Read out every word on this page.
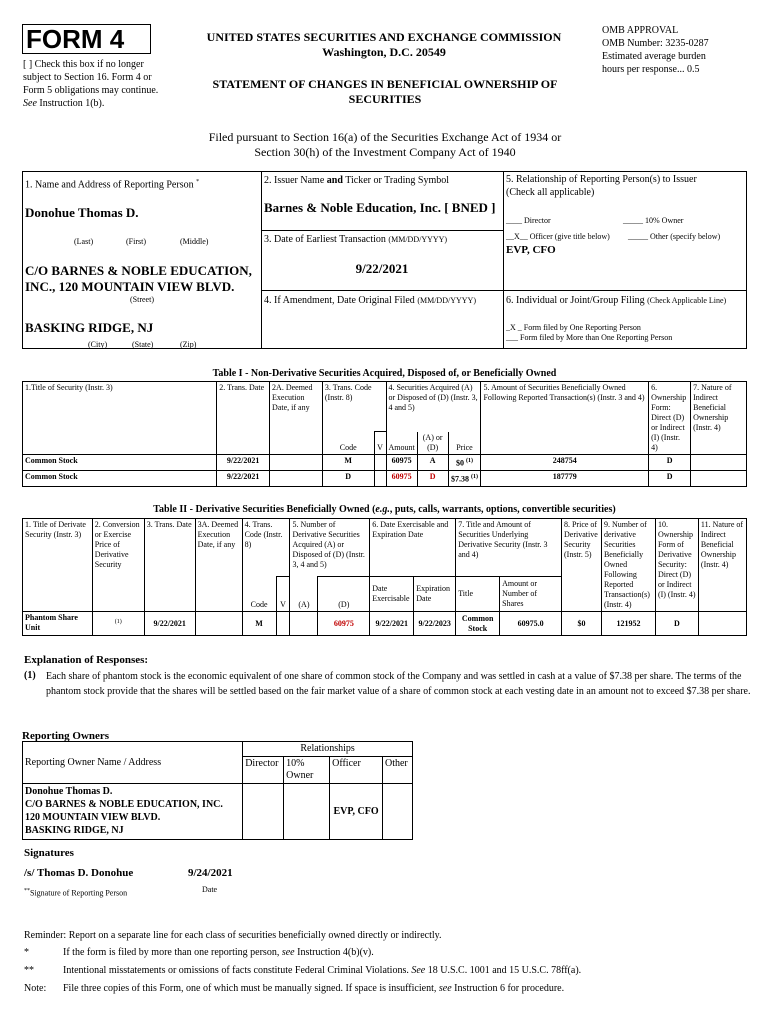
FORM 4
[ ] Check this box if no longer subject to Section 16. Form 4 or Form 5 obligations may continue. See Instruction 1(b).
UNITED STATES SECURITIES AND EXCHANGE COMMISSION
Washington, D.C. 20549
STATEMENT OF CHANGES IN BENEFICIAL OWNERSHIP OF SECURITIES
OMB APPROVAL
OMB Number: 3235-0287
Estimated average burden
hours per response... 0.5
Filed pursuant to Section 16(a) of the Securities Exchange Act of 1934 or
Section 30(h) of the Investment Company Act of 1940
1. Name and Address of Reporting Person *
Donohue Thomas D.
(Last)	(First)	(Middle)
C/O BARNES & NOBLE EDUCATION, INC., 120 MOUNTAIN VIEW BLVD.
(Street)
BASKING RIDGE, NJ
(City)	(State)	(Zip)
2. Issuer Name and Ticker or Trading Symbol
Barnes & Noble Education, Inc. [ BNED ]
3. Date of Earliest Transaction (MM/DD/YYYY)
9/22/2021
4. If Amendment, Date Original Filed (MM/DD/YYYY)
5. Relationship of Reporting Person(s) to Issuer
(Check all applicable)
____ Director	_____ 10% Owner
__X__ Officer (give title below) _____ Other (specify below)
EVP, CFO
6. Individual or Joint/Group Filing (Check Applicable Line)
_X _ Form filed by One Reporting Person
___ Form filed by More than One Reporting Person
Table I - Non-Derivative Securities Acquired, Disposed of, or Beneficially Owned
1.Title of Security (Instr. 3)	2. Trans. Date	2A. Deemed Execution Date, if any	3. Trans. Code (Instr. 8)		4. Securities Acquired (A) or Disposed of (D) (Instr. 3, 4 and 5)			5. Amount of Securities Beneficially Owned Following Reported Transaction(s) (Instr. 3 and 4)	6. Ownership Form: Direct (D) or Indirect (I) (Instr. 4)	7. Nature of Indirect Beneficial Ownership (Instr. 4)
			Code	V	Amount	(A) or (D)	Price			
Common Stock	9/22/2021		M		60975	A	$0 $^{(1)}$	248754	D	
Common Stock	9/22/2021		D		60975	D	$7.38 $^{(1)}$	187779	D	
Table II - Derivative Securities Beneficially Owned (e.g., puts, calls, warrants, options, convertible securities)
1. Title of Derivate Security (Instr. 3)	2. Conversion or Exercise Price of Derivative Security	3. Trans. Date	3A. Deemed Execution Date, if any	4. Trans. Code (Instr. 8)		5. Number of Derivative Securities Acquired (A) or Disposed of (D) (Instr. 3, 4 and 5)		6. Date Exercisable and Expiration Date		7. Title and Amount of Securities Underlying Derivative Security (Instr. 3 and 4)		8. Price of Derivative Security (Instr. 5)	9. Number of derivative Securities Beneficially Owned Following Reported Transaction(s) (Instr. 4)	10. Ownership Form of Derivative Security: Direct (D) or Indirect (I) (Instr. 4)	11. Nature of Indirect Beneficial Ownership (Instr. 4)
				Code	V	(A)	(D)	Date Exercisable	Expiration Date	Title	Amount or Number of Shares				
Phantom Share Unit	$^{(1)}$	9/22/2021		M			60975	9/22/2021	9/22/2023	Common Stock	60975.0	$0	121952	D	
Explanation of Responses:
(1) Each share of phantom stock is the economic equivalent of one share of common stock of the Company and was settled in cash at a value of $7.38 per share. The terms of the phantom stock provide that the shares will be settled based on the fair market value of a share of common stock at each vesting date in an amount not to exceed $7.38 per share.
Reporting Owners
Reporting Owner Name / Address	Relationships			
	Director	10% Owner	Officer	Other

Donohue Thomas D.
C/O BARNES & NOBLE EDUCATION, INC.
120 MOUNTAIN VIEW BLVD.
BASKING RIDGE, NJ			EVP, CFO	
Signatures
/s/ Thomas D. Donohue	9/24/2021
**Signature of Reporting Person	Date
Reminder: Report on a separate line for each class of securities beneficially owned directly or indirectly.
*	If the form is filed by more than one reporting person, see Instruction 4(b)(v).
**	Intentional misstatements or omissions of facts constitute Federal Criminal Violations. See 18 U.S.C. 1001 and 15 U.S.C. 78ff(a).
Note: File three copies of this Form, one of which must be manually signed. If space is insufficient, see Instruction 6 for procedure.
